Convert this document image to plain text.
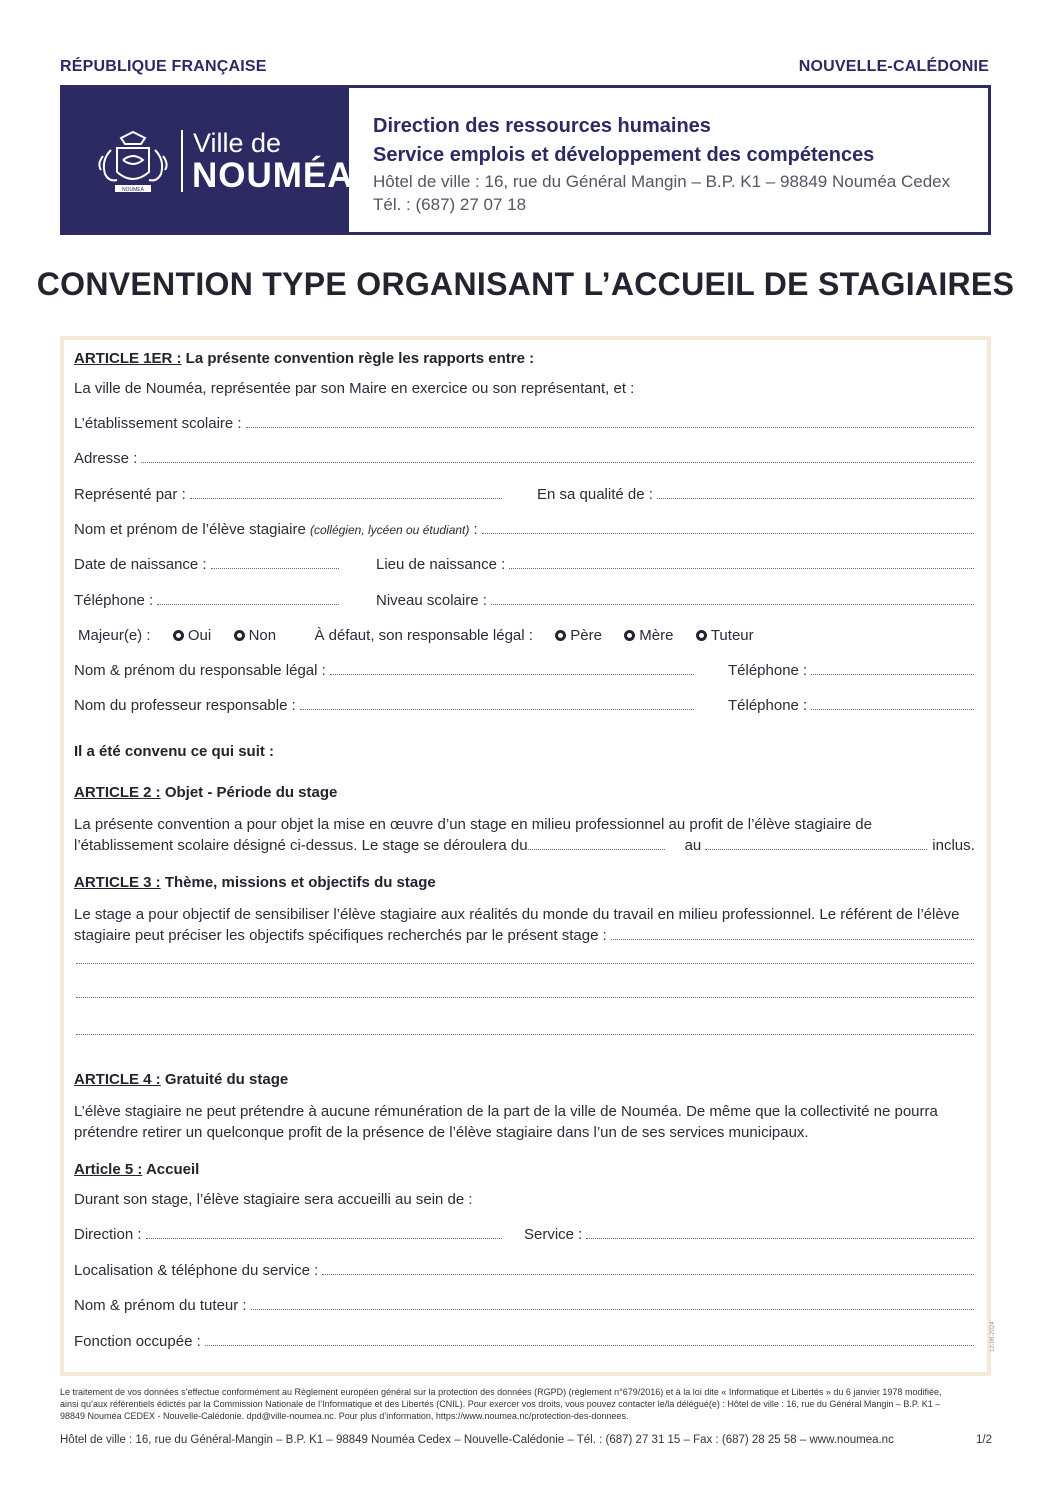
RÉPUBLIQUE FRANÇAISE	NOUVELLE-CALÉDONIE
NOUMEA
Ville de
NOUMÉA
Direction des ressources humaines
Service emplois et développement des compétences
Hôtel de ville : 16, rue du Général Mangin – B.P. K1 – 98849 Nouméa Cedex
Tél. : (687) 27 07 18
CONVENTION TYPE ORGANISANT L’ACCUEIL DE STAGIAIRES
ARTICLE 1ER : La présente convention règle les rapports entre :
La ville de Nouméa, représentée par son Maire en exercice ou son représentant, et :
L’établissement scolaire :
Adresse :
Représenté par :	En sa qualité de :
Nom et prénom de l’élève stagiaire (collégien, lycéen ou étudiant) :
Date de naissance :	Lieu de naissance :
Téléphone :	Niveau scolaire :
Majeur(e) : Oui Non	À défaut, son responsable légal : Père Mère Tuteur
Nom & prénom du responsable légal :	Téléphone :
Nom du professeur responsable :	Téléphone :
Il a été convenu ce qui suit :
ARTICLE 2 : Objet - Période du stage
La présente convention a pour objet la mise en œuvre d’un stage en milieu professionnel au profit de l’élève stagiaire de
l’établissement scolaire désigné ci-dessus. Le stage se déroulera du	au	inclus.
ARTICLE 3 : Thème, missions et objectifs du stage
Le stage a pour objectif de sensibiliser l’élève stagiaire aux réalités du monde du travail en milieu professionnel. Le référent de l’élève
stagiaire peut préciser les objectifs spécifiques recherchés par le présent stage :
ARTICLE 4 : Gratuité du stage
L’élève stagiaire ne peut prétendre à aucune rémunération de la part de la ville de Nouméa. De même que la collectivité ne pourra
prétendre retirer un quelconque profit de la présence de l’élève stagiaire dans l’un de ses services municipaux.
Article 5 : Accueil
Durant son stage, l’élève stagiaire sera accueilli au sein de :
Direction :	Service :
Localisation & téléphone du service :
Nom & prénom du tuteur :
Fonction occupée :	12-06-2024
Le traitement de vos données s’effectue conformément au Règlement européen général sur la protection des données (RGPD) (règlement n°679/2016) et à la loi dite « Informatique et Libertés » du 6 janvier 1978 modifiée,
ainsi qu’aux référentiels édictés par la Commission Nationale de l’Informatique et des Libertés (CNIL). Pour exercer vos droits, vous pouvez contacter le/la délégué(e) : Hôtel de ville : 16, rue du Général Mangin – B.P. K1 –
98849 Nouméa CEDEX - Nouvelle-Calédonie. dpd@ville-noumea.nc. Pour plus d’information, https://www.noumea.nc/protection-des-donnees.
Hôtel de ville : 16, rue du Général-Mangin – B.P. K1 – 98849 Nouméa Cedex – Nouvelle-Calédonie – Tél. : (687) 27 31 15 – Fax : (687) 28 25 58 – www.noumea.nc	1/2
